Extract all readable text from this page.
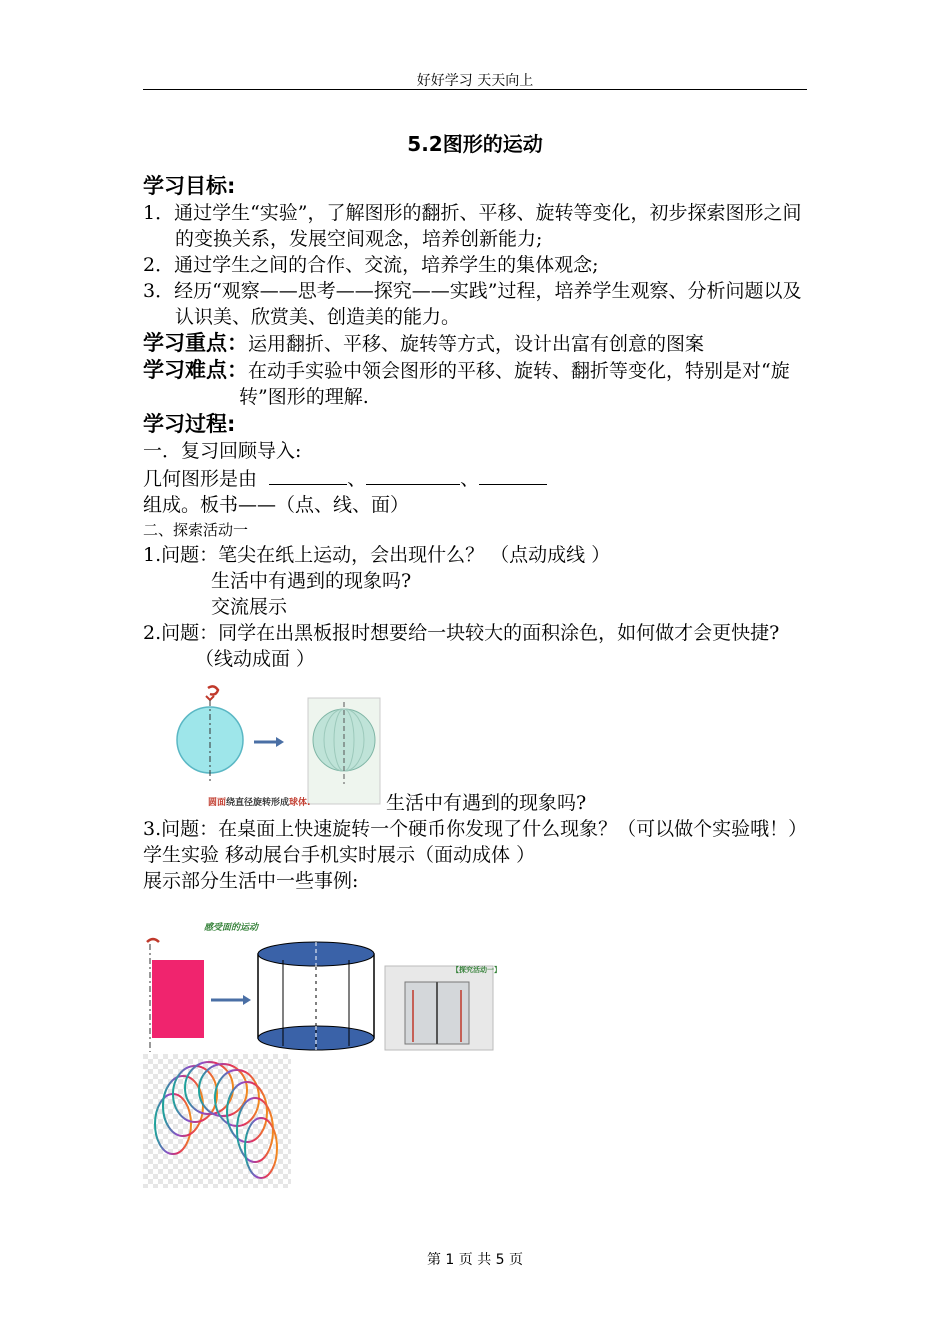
好好学习 天天向上
5.2图形的运动

学习目标:

1．通过学生“实验”，了解图形的翻折、平移、旋转等变化，初步探索图形之间的变换关系，发展空间观念，培养创新能力;

2．通过学生之间的合作、交流，培养学生的集体观念;

3．经历“观察——思考——探究——实践”过程，培养学生观察、分析问题以及认识美、欣赏美、创造美的能力。

学习重点：运用翻折、平移、旋转等方式，设计出富有创意的图案

学习难点：在动手实验中领会图形的平移、旋转、翻折等变化，特别是对“旋转”图形的理解.

学习过程:

一．复习回顾导入:

几何图形是由	、	、组成。板书——（点、线、面）

二、探索活动一

1.问题：笔尖在纸上运动，会出现什么？ （点动成线 ）

生活中有遇到的现象吗?

交流展示

2.问题：同学在出黑板报时想要给一块较大的面积涂色，如何做才会更快捷?

（线动成面 ）

圆面绕直径旋转形成球体.	生活中有遇到的现象吗?

3.问题：在桌面上快速旋转一个硬币你发现了什么现象？（可以做个实验哦！）

学生实验 移动展台手机实时展示（面动成体 ）

展示部分生活中一些事例:

感受面的运动
【探究活动一】
第 1 页 共 5 页
